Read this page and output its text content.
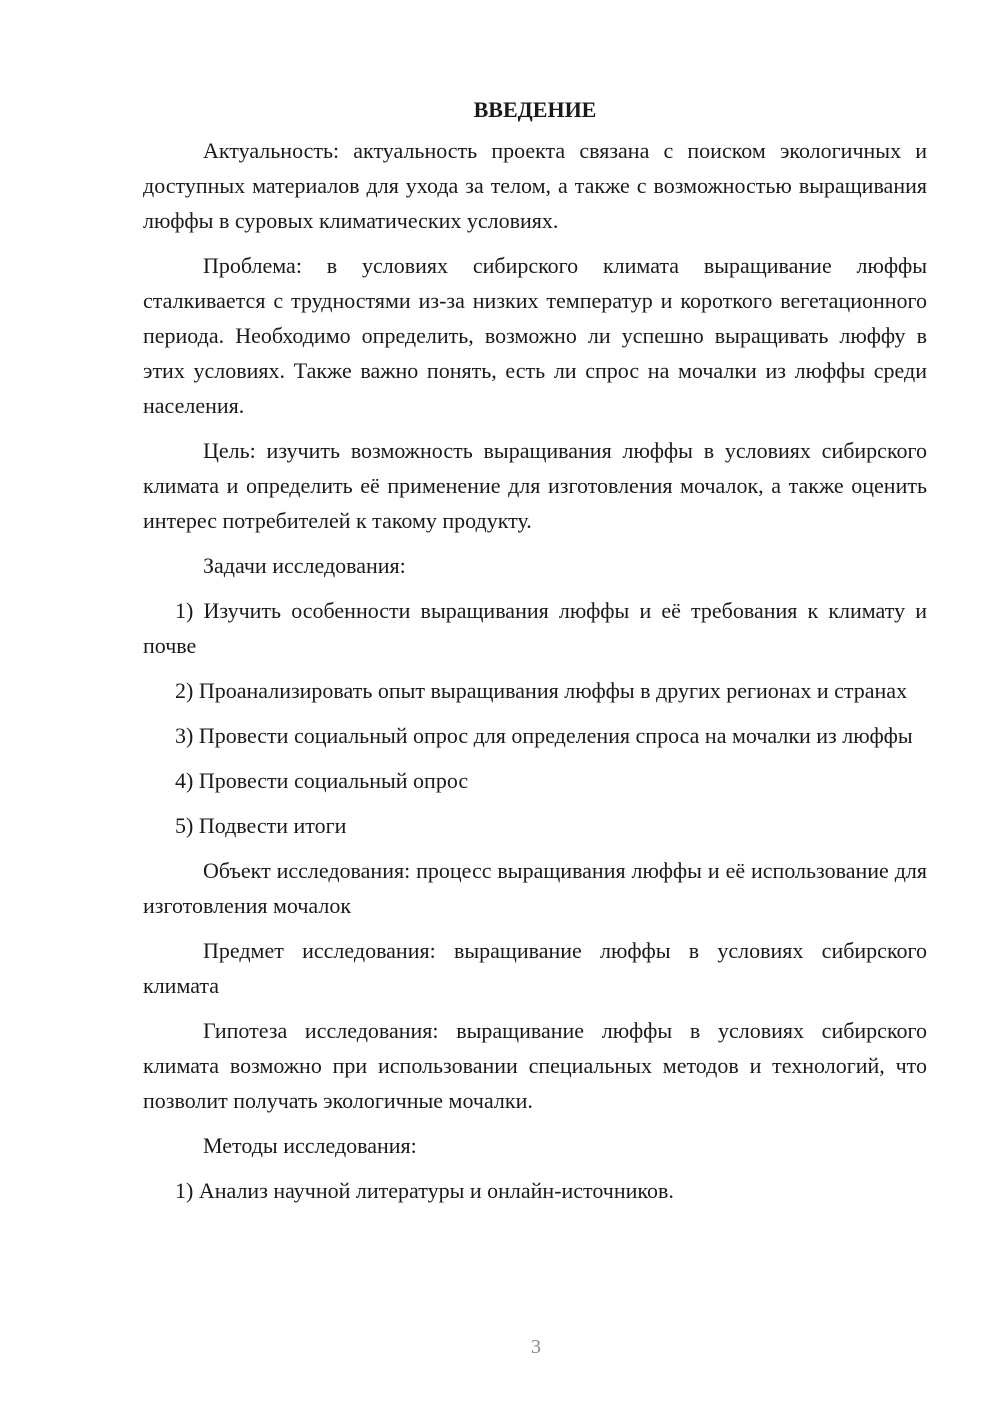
ВВЕДЕНИЕ

Актуальность: актуальность проекта связана с поиском экологичных и доступных материалов для ухода за телом, а также с возможностью выращивания люффы в суровых климатических условиях.

Проблема: в условиях сибирского климата выращивание люффы сталкивается с трудностями из-за низких температур и короткого вегетационного периода. Необходимо определить, возможно ли успешно выращивать люффу в этих условиях. Также важно понять, есть ли спрос на мочалки из люффы среди населения.

Цель: изучить возможность выращивания люффы в условиях сибирского климата и определить её применение для изготовления мочалок, а также оценить интерес потребителей к такому продукту.

Задачи исследования:

1) Изучить особенности выращивания люффы и её требования к климату и почве

2) Проанализировать опыт выращивания люффы в других регионах и странах

3) Провести социальный опрос для определения спроса на мочалки из люффы

4) Провести социальный опрос

5) Подвести итоги

Объект исследования: процесс выращивания люффы и её использование для изготовления мочалок

Предмет исследования: выращивание люффы в условиях сибирского климата

Гипотеза исследования: выращивание люффы в условиях сибирского климата возможно при использовании специальных методов и технологий, что позволит получать экологичные мочалки.

Методы исследования:

1) Анализ научной литературы и онлайн-источников.

3
